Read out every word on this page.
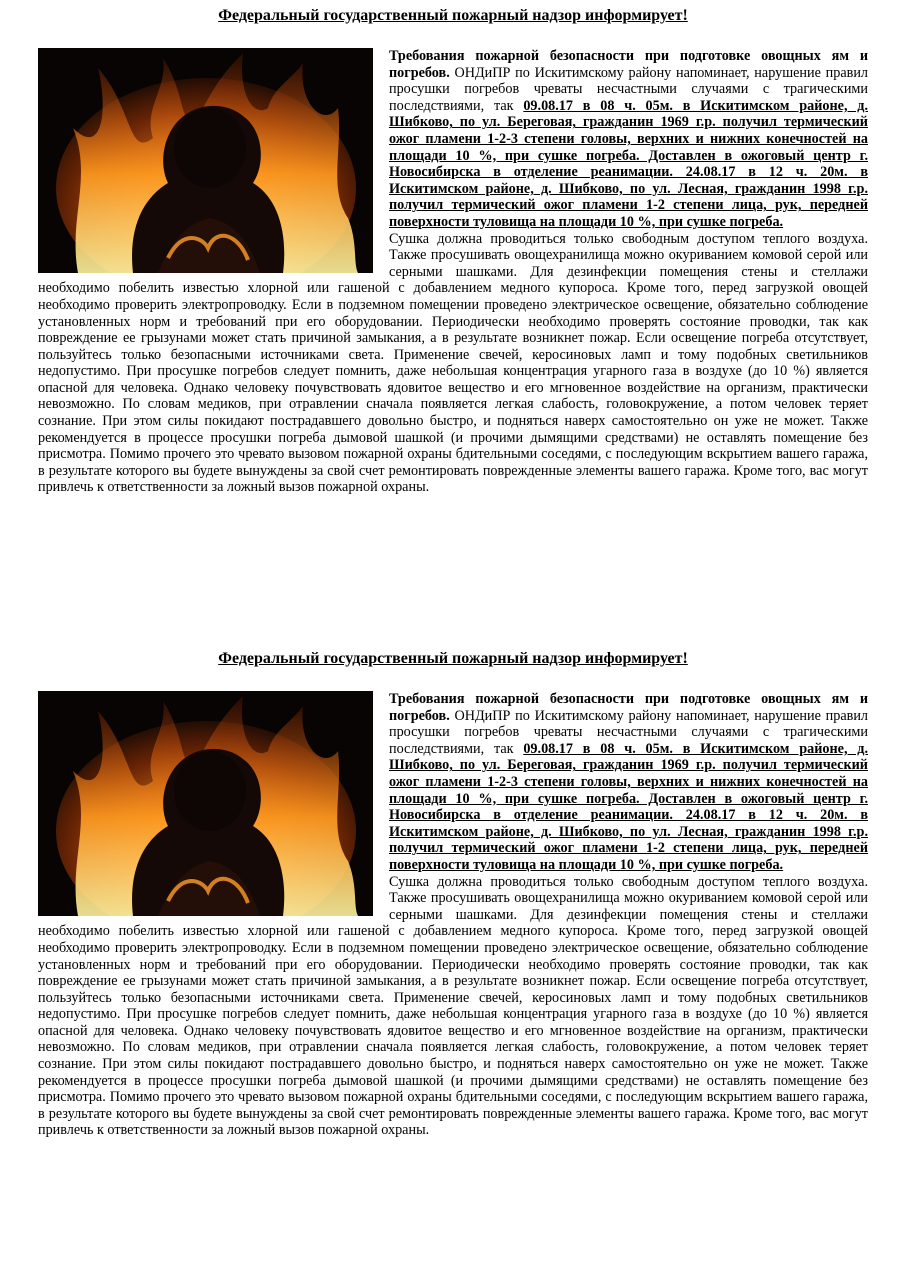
Федеральный государственный пожарный надзор информирует!

Требования пожарной безопасности при подготовке овощных ям и погребов. ОНДиПР по Искитимскому району напоминает, нарушение правил просушки погребов чреваты несчастными случаями с трагическими последствиями, так 09.08.17 в 08 ч. 05м. в Искитимском районе, д. Шибково, по ул. Береговая, гражданин 1969 г.р. получил термический ожог пламени 1-2-3 степени головы, верхних и нижних конечностей на площади 10 %, при сушке погреба. Доставлен в ожоговый центр г. Новосибирска в отделение реанимации. 24.08.17 в 12 ч. 20м. в Искитимском районе, д. Шибково, по ул. Лесная, гражданин 1998 г.р. получил термический ожог пламени 1-2 степени лица, рук, передней поверхности туловища на площади 10 %, при сушке погреба.
Сушка должна проводиться только свободным доступом теплого воздуха. Также просушивать овощехранилища можно окуриванием комовой серой или серными шашками. Для дезинфекции помещения стены и стеллажи необходимо побелить известью хлорной или гашеной с добавлением медного купороса. Кроме того, перед загрузкой овощей необходимо проверить электропроводку. Если в подземном помещении проведено электрическое освещение, обязательно соблюдение установленных норм и требований при его оборудовании. Периодически необходимо проверять состояние проводки, так как повреждение ее грызунами может стать причиной замыкания, а в результате возникнет пожар. Если освещение погреба отсутствует, пользуйтесь только безопасными источниками света. Применение свечей, керосиновых ламп и тому подобных светильников недопустимо. При просушке погребов следует помнить, даже небольшая концентрация угарного газа в воздухе (до 10 %) является опасной для человека. Однако человеку почувствовать ядовитое вещество и его мгновенное воздействие на организм, практически невозможно. По словам медиков, при отравлении сначала появляется легкая слабость, головокружение, а потом человек теряет сознание. При этом силы покидают пострадавшего довольно быстро, и подняться наверх самостоятельно он уже не может. Также рекомендуется в процессе просушки погреба дымовой шашкой (и прочими дымящими средствами) не оставлять помещение без присмотра. Помимо прочего это чревато вызовом пожарной охраны бдительными соседями, с последующим вскрытием вашего гаража, в результате которого вы будете вынуждены за свой счет ремонтировать поврежденные элементы вашего гаража. Кроме того, вас могут привлечь к ответственности за ложный вызов пожарной охраны.

Федеральный государственный пожарный надзор информирует!

Требования пожарной безопасности при подготовке овощных ям и погребов. ОНДиПР по Искитимскому району напоминает, нарушение правил просушки погребов чреваты несчастными случаями с трагическими последствиями, так 09.08.17 в 08 ч. 05м. в Искитимском районе, д. Шибково, по ул. Береговая, гражданин 1969 г.р. получил термический ожог пламени 1-2-3 степени головы, верхних и нижних конечностей на площади 10 %, при сушке погреба. Доставлен в ожоговый центр г. Новосибирска в отделение реанимации. 24.08.17 в 12 ч. 20м. в Искитимском районе, д. Шибково, по ул. Лесная, гражданин 1998 г.р. получил термический ожог пламени 1-2 степени лица, рук, передней поверхности туловища на площади 10 %, при сушке погреба.
Сушка должна проводиться только свободным доступом теплого воздуха. Также просушивать овощехранилища можно окуриванием комовой серой или серными шашками. Для дезинфекции помещения стены и стеллажи необходимо побелить известью хлорной или гашеной с добавлением медного купороса. Кроме того, перед загрузкой овощей необходимо проверить электропроводку. Если в подземном помещении проведено электрическое освещение, обязательно соблюдение установленных норм и требований при его оборудовании. Периодически необходимо проверять состояние проводки, так как повреждение ее грызунами может стать причиной замыкания, а в результате возникнет пожар. Если освещение погреба отсутствует, пользуйтесь только безопасными источниками света. Применение свечей, керосиновых ламп и тому подобных светильников недопустимо. При просушке погребов следует помнить, даже небольшая концентрация угарного газа в воздухе (до 10 %) является опасной для человека. Однако человеку почувствовать ядовитое вещество и его мгновенное воздействие на организм, практически невозможно. По словам медиков, при отравлении сначала появляется легкая слабость, головокружение, а потом человек теряет сознание. При этом силы покидают пострадавшего довольно быстро, и подняться наверх самостоятельно он уже не может. Также рекомендуется в процессе просушки погреба дымовой шашкой (и прочими дымящими средствами) не оставлять помещение без присмотра. Помимо прочего это чревато вызовом пожарной охраны бдительными соседями, с последующим вскрытием вашего гаража, в результате которого вы будете вынуждены за свой счет ремонтировать поврежденные элементы вашего гаража. Кроме того, вас могут привлечь к ответственности за ложный вызов пожарной охраны.
